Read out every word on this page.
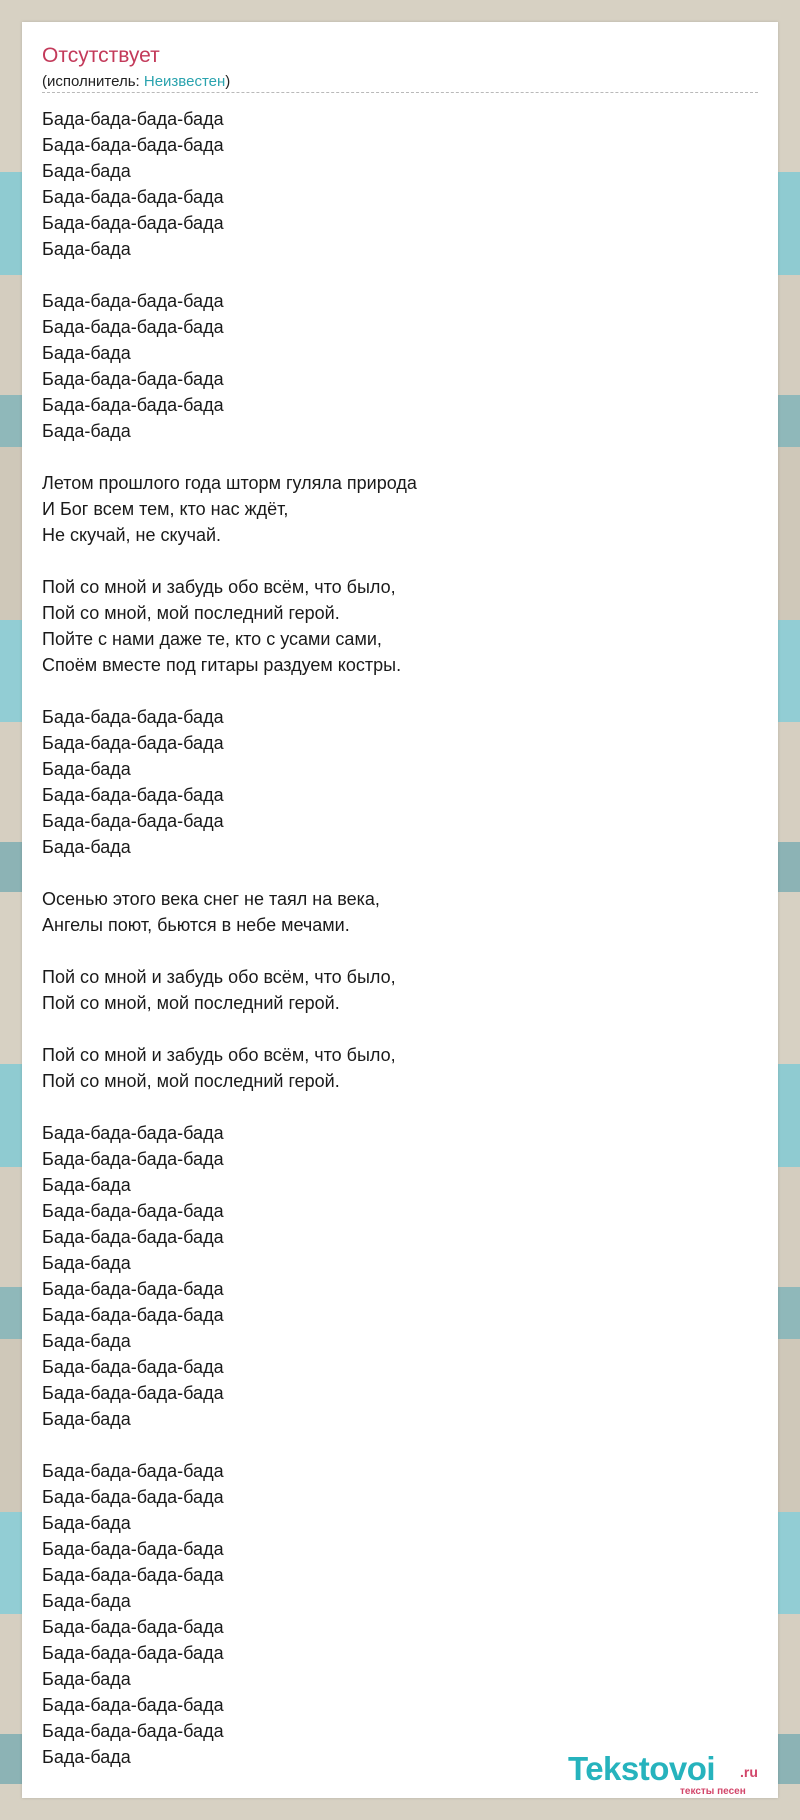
Отсутствует
(исполнитель: Неизвестен)
Бада-бада-бада-бада
Бада-бада-бада-бада
Бада-бада
Бада-бада-бада-бада
Бада-бада-бада-бада
Бада-бада
Бада-бада-бада-бада
Бада-бада-бада-бада
Бада-бада
Бада-бада-бада-бада
Бада-бада-бада-бада
Бада-бада
Летом прошлого года шторм гуляла природа
И Бог всем тем, кто нас ждёт,
Не скучай, не скучай.
Пой со мной и забудь обо всём, что было,
Пой со мной, мой последний герой.
Пойте с нами даже те, кто с усами сами,
Споём вместе под гитары раздуем костры.
Бада-бада-бада-бада
Бада-бада-бада-бада
Бада-бада
Бада-бада-бада-бада
Бада-бада-бада-бада
Бада-бада
Осенью этого века снег не таял на века,
Ангелы поют, бьются в небе мечами.
Пой со мной и забудь обо всём, что было,
Пой со мной, мой последний герой.
Пой со мной и забудь обо всём, что было,
Пой со мной, мой последний герой.
Бада-бада-бада-бада
Бада-бада-бада-бада
Бада-бада
Бада-бада-бада-бада
Бада-бада-бада-бада
Бада-бада
Бада-бада-бада-бада
Бада-бада-бада-бада
Бада-бада
Бада-бада-бада-бада
Бада-бада-бада-бада
Бада-бада
Бада-бада-бада-бада
Бада-бада-бада-бада
Бада-бада
Бада-бада-бада-бада
Бада-бада-бада-бада
Бада-бада
Бада-бада-бада-бада
Бада-бада-бада-бада
Бада-бада
Бада-бада-бада-бада
Бада-бада-бада-бада
Бада-бада	Tekstovoi .ru
тексты песен
